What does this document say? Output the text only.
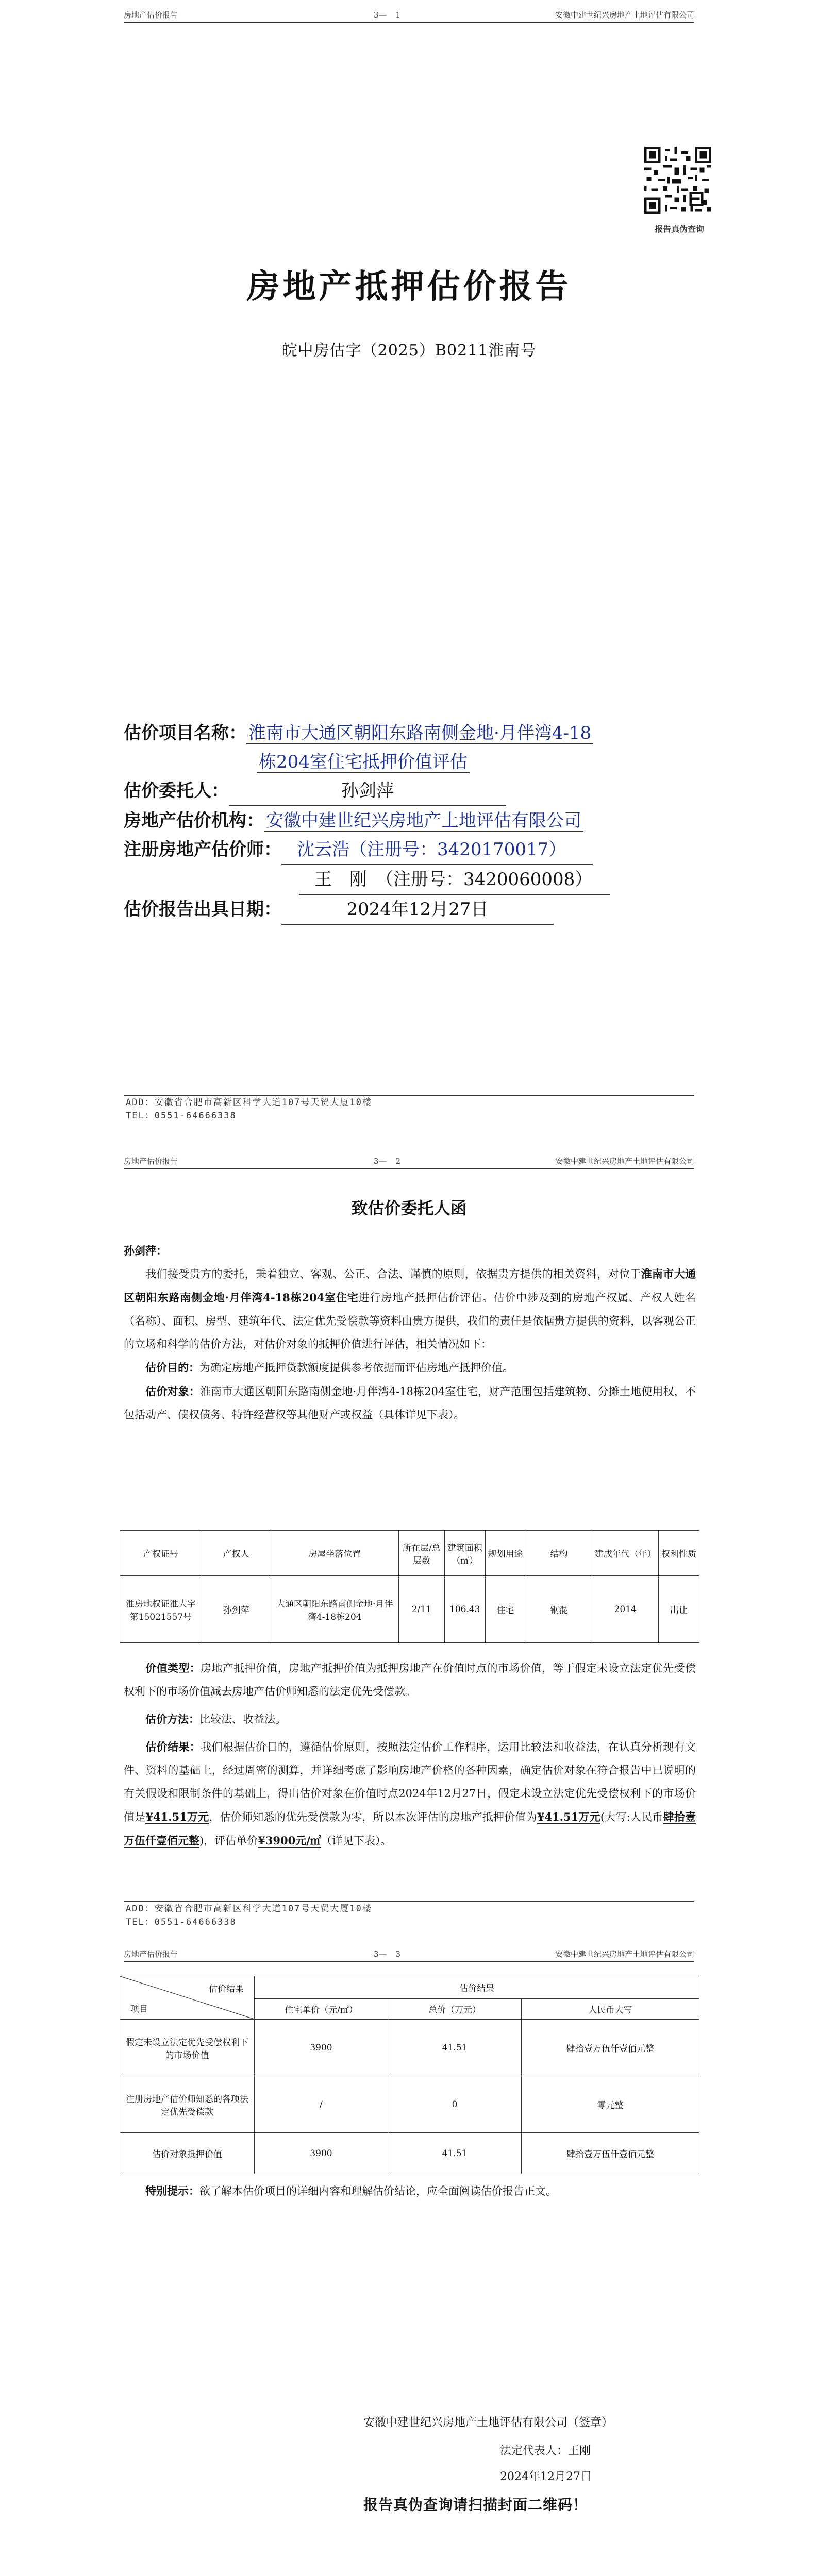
房地产估价报告	3—　1	安徽中建世纪兴房地产土地评估有限公司
报告真伪查询
房地产抵押估价报告
皖中房估字（2025）B0211淮南号
估价项目名称： 淮南市大通区朝阳东路南侧金地·月伴湾4-18
栋204室住宅抵押价值评估
估价委托人：	孙剑萍
房地产估价机构： 安徽中建世纪兴房地产土地评估有限公司
注册房地产估价师： 沈云浩（注册号：3420170017）
王　刚　（注册号：3420060008）
估价报告出具日期：	2024年12月27日
ADD：安徽省合肥市高新区科学大道107号天贸大厦10楼
TEL：0551-64666338
房地产估价报告	3—　2	安徽中建世纪兴房地产土地评估有限公司
致估价委托人函
孙剑萍：
我们接受贵方的委托，秉着独立、客观、公正、合法、谨慎的原则，依据贵方提供的相关资料，对位于淮南市大通区朝阳东路南侧金地·月伴湾4-18栋204室住宅进行房地产抵押估价评估。估价中涉及到的房地产权属、产权人姓名（名称）、面积、房型、建筑年代、法定优先受偿款等资料由贵方提供，我们的责任是依据贵方提供的资料，以客观公正的立场和科学的估价方法，对估价对象的抵押价值进行评估，相关情况如下：
估价目的：为确定房地产抵押贷款额度提供参考依据而评估房地产抵押价值。
估价对象：淮南市大通区朝阳东路南侧金地·月伴湾4-18栋204室住宅，财产范围包括建筑物、分摊土地使用权，不包括动产、债权债务、特许经营权等其他财产或权益（具体详见下表）。
产权证号	产权人	房屋坐落位置	所在层/总层数	建筑面积（㎡）	规划用途	结构	建成年代（年）	权利性质
淮房地权证淮大字第15021557号	孙剑萍	大通区朝阳东路南侧金地·月伴湾4-18栋204	2/11	106.43	住宅	钢混	2014	出让
价值类型：房地产抵押价值，房地产抵押价值为抵押房地产在价值时点的市场价值，等于假定未设立法定优先受偿权利下的市场价值减去房地产估价师知悉的法定优先受偿款。
估价方法：比较法、收益法。
估价结果：我们根据估价目的，遵循估价原则，按照法定估价工作程序，运用比较法和收益法，在认真分析现有文件、资料的基础上，经过周密的测算，并详细考虑了影响房地产价格的各种因素，确定估价对象在符合报告中已说明的有关假设和限制条件的基础上，得出估价对象在价值时点2024年12月27日，假定未设立法定优先受偿权利下的市场价值是¥41.51万元，估价师知悉的优先受偿款为零，所以本次评估的房地产抵押价值为¥41.51万元(大写:人民币肆拾壹万伍仟壹佰元整)，评估单价¥3900元/㎡（详见下表）。
ADD：安徽省合肥市高新区科学大道107号天贸大厦10楼
TEL：0551-64666338
房地产估价报告	3—　3	安徽中建世纪兴房地产土地评估有限公司
估价结果
项目	估价结果		
	住宅单价（元/㎡）	总价（万元）	人民币大写
假定未设立法定优先受偿权利下的市场价值	3900	41.51	肆拾壹万伍仟壹佰元整
注册房地产估价师知悉的各项法定优先受偿款	/	0	零元整
估价对象抵押价值	3900	41.51	肆拾壹万伍仟壹佰元整
特别提示：欲了解本估价项目的详细内容和理解估价结论，应全面阅读估价报告正文。
安徽中建世纪兴房地产土地评估有限公司（签章）
法定代表人：王刚
2024年12月27日
报告真伪查询请扫描封面二维码！
